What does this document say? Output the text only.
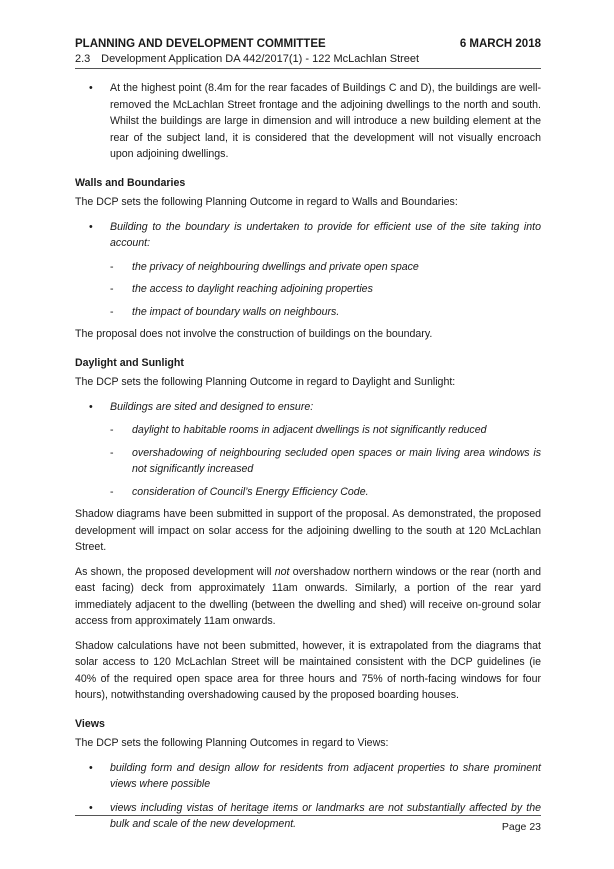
PLANNING AND DEVELOPMENT COMMITTEE	6 MARCH 2018
2.3 Development Application DA 442/2017(1) - 122 McLachlan Street
• At the highest point (8.4m for the rear facades of Buildings C and D), the buildings are well-removed the McLachlan Street frontage and the adjoining dwellings to the north and south. Whilst the buildings are large in dimension and will introduce a new building element at the rear of the subject land, it is considered that the development will not visually encroach upon adjoining dwellings.
Walls and Boundaries

The DCP sets the following Planning Outcome in regard to Walls and Boundaries:

• Building to the boundary is undertaken to provide for efficient use of the site taking into account:
- the privacy of neighbouring dwellings and private open space
- the access to daylight reaching adjoining properties
- the impact of boundary walls on neighbours.

The proposal does not involve the construction of buildings on the boundary.

Daylight and Sunlight

The DCP sets the following Planning Outcome in regard to Daylight and Sunlight:

• Buildings are sited and designed to ensure:
- daylight to habitable rooms in adjacent dwellings is not significantly reduced
- overshadowing of neighbouring secluded open spaces or main living area windows is not significantly increased
- consideration of Council’s Energy Efficiency Code.

Shadow diagrams have been submitted in support of the proposal. As demonstrated, the proposed development will impact on solar access for the adjoining dwelling to the south at 120 McLachlan Street.

As shown, the proposed development will not overshadow northern windows or the rear (north and east facing) deck from approximately 11am onwards. Similarly, a portion of the rear yard immediately adjacent to the dwelling (between the dwelling and shed) will receive on-ground solar access from approximately 11am onwards.

Shadow calculations have not been submitted, however, it is extrapolated from the diagrams that solar access to 120 McLachlan Street will be maintained consistent with the DCP guidelines (ie 40% of the required open space area for three hours and 75% of north-facing windows for four hours), notwithstanding overshadowing caused by the proposed boarding houses.

Views

The DCP sets the following Planning Outcomes in regard to Views:

• building form and design allow for residents from adjacent properties to share prominent views where possible
• views including vistas of heritage items or landmarks are not substantially affected by the bulk and scale of the new development.	Page 23
